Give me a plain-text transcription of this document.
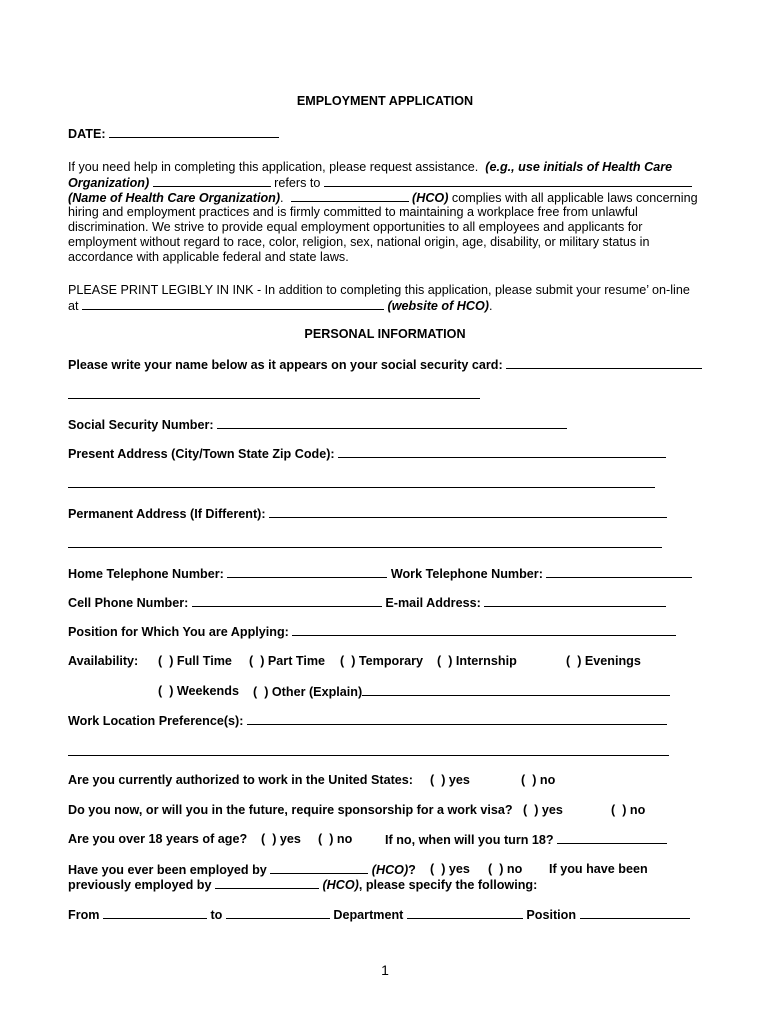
EMPLOYMENT APPLICATION
DATE:
If you need help in completing this application, please request assistance.  (e.g., use initials of Health Care
Organization)	refers to
(Name of Health Care Organization).	(HCO) complies with all applicable laws concerning
hiring and employment practices and is firmly committed to maintaining a workplace free from unlawful
discrimination. We strive to provide equal employment opportunities to all employees and applicants for
employment without regard to race, color, religion, sex, national origin, age, disability, or military status in
accordance with applicable federal and state laws.
PLEASE PRINT LEGIBLY IN INK - In addition to completing this application, please submit your resume’ on-line
at	(website of HCO).
PERSONAL INFORMATION
Please write your name below as it appears on your social security card:
Social Security Number:
Present Address (City/Town State Zip Code):
Permanent Address (If Different):
Home Telephone Number:	Work Telephone Number:
Cell Phone Number:	E-mail Address:
Position for Which You are Applying:
Availability: (  ) Full Time (  ) Part Time (  ) Temporary (  ) Internship	(  ) Evenings
(  ) Weekends (  ) Other (Explain)
Work Location Preference(s):
Are you currently authorized to work in the United States: (  ) yes	(  ) no
Do you now, or will you in the future, require sponsorship for a work visa? (  ) yes	(  ) no
Are you over 18 years of age? (  ) yes (  ) no	If no, when will you turn 18?
Have you ever been employed by	(HCO)? (  ) yes (  ) no If you have been
previously employed by	(HCO), please specify the following:
From	to	Department	Position
1
